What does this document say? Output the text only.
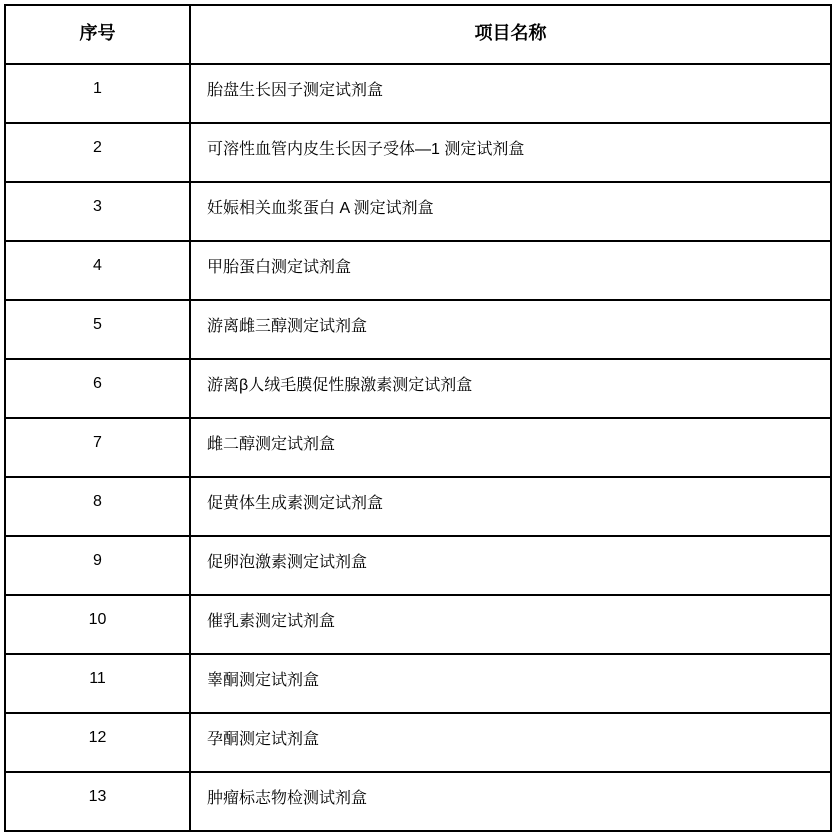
序号	项目名称
1	胎盘生长因子测定试剂盒
2	可溶性血管内皮生长因子受体—1 测定试剂盒
3	妊娠相关血浆蛋白 A 测定试剂盒
4	甲胎蛋白测定试剂盒
5	游离雌三醇测定试剂盒
6	游离β人绒毛膜促性腺激素测定试剂盒
7	雌二醇测定试剂盒
8	促黄体生成素测定试剂盒
9	促卵泡激素测定试剂盒
10	催乳素测定试剂盒
11	睾酮测定试剂盒
12	孕酮测定试剂盒
13	肿瘤标志物检测试剂盒
